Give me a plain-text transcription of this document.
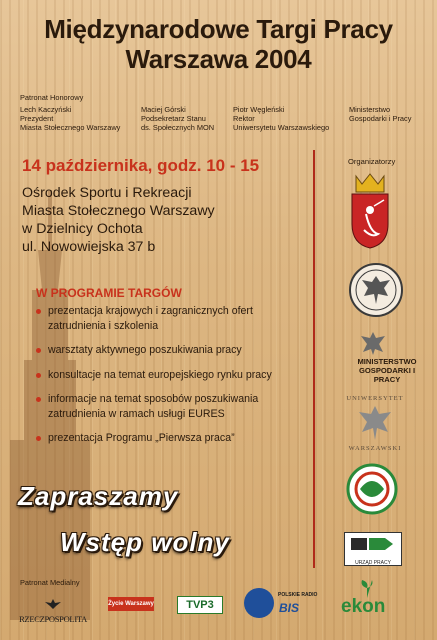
Międzynarodowe Targi Pracy
Warszawa 2004
Patronat Honorowy
Lech Kaczyński
Prezydent
Miasta Stołecznego Warszawy
Maciej Górski
Podsekretarz Stanu
ds. Społecznych MON
Piotr Węgleński
Rektor
Uniwersytetu Warszawskiego
Ministerstwo
Gospodarki i Pracy
14 października, godz. 10 - 15
Ośrodek Sportu i Rekreacji
Miasta Stołecznego Warszawy
w Dzielnicy Ochota
ul. Nowowiejska 37 b
Organizatorzy
MINISTERSTWO GOSPODARKI I PRACY
UNIWERSYTET
WARSZAWSKI
URZĄD PRACY
W PROGRAMIE TARGÓW
prezentacja krajowych i zagranicznych ofert zatrudnienia i szkolenia
warsztaty aktywnego poszukiwania pracy
konsultacje na temat europejskiego rynku pracy
informacje na temat sposobów poszukiwania zatrudnienia w ramach usługi EURES
prezentacja Programu „Pierwsza praca”
Zapraszamy
Wstęp wolny
Patronat Medialny
RZECZPOSPOLITA
Życie Warszawy	TVP3
POLSKIE RADIO
BIS ekon
